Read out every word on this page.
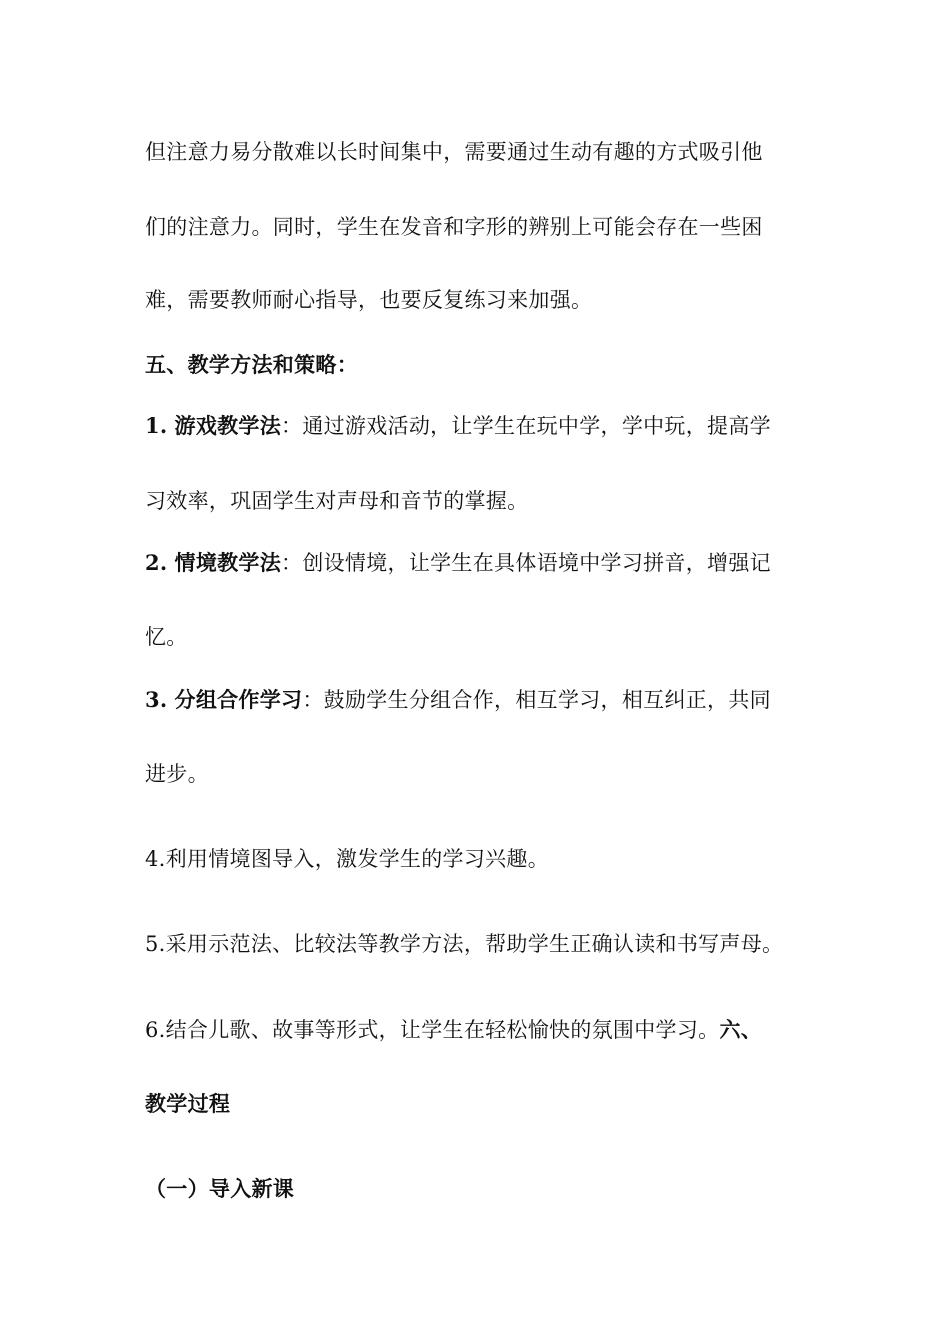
但注意力易分散难以长时间集中，需要通过生动有趣的方式吸引他
们的注意力。同时，学生在发音和字形的辨别上可能会存在一些困
难，需要教师耐心指导，也要反复练习来加强。
五、教学方法和策略：
1. 游戏教学法：通过游戏活动，让学生在玩中学，学中玩，提高学
习效率，巩固学生对声母和音节的掌握。
2. 情境教学法：创设情境，让学生在具体语境中学习拼音，增强记
忆。
3. 分组合作学习：鼓励学生分组合作，相互学习，相互纠正，共同
进步。
4.利用情境图导入，激发学生的学习兴趣。
5.采用示范法、比较法等教学方法，帮助学生正确认读和书写声母。
6.结合儿歌、故事等形式，让学生在轻松愉快的氛围中学习。六、
教学过程
（一）导入新课
